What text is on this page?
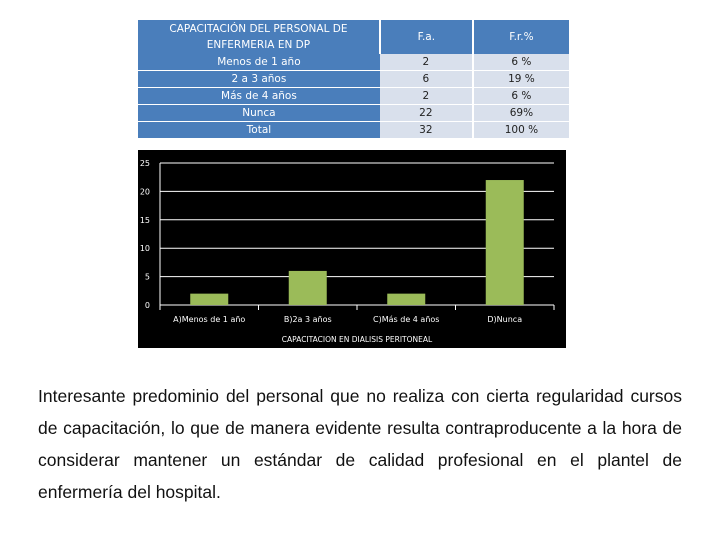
CAPACITACIÓN DEL PERSONAL DE ENFERMERIA EN DP	F.a.	F.r.%
Menos de 1 año	2	6 %
2 a 3 años	6	19 %
Más de 4 años	2	6 %
Nunca	22	69%
Total	32	100 %
0
5
10
15
20
25
A)Menos de 1 año	B)2a 3 años	C)Más de 4 años	D)Nunca
CAPACITACION EN DIALISIS PERITONEAL

Interesante predominio del personal que no realiza con cierta regularidad cursos de capacitación, lo que de manera evidente resulta contraproducente a la hora de considerar mantener un estándar de calidad profesional en el plantel de enfermería del hospital.
